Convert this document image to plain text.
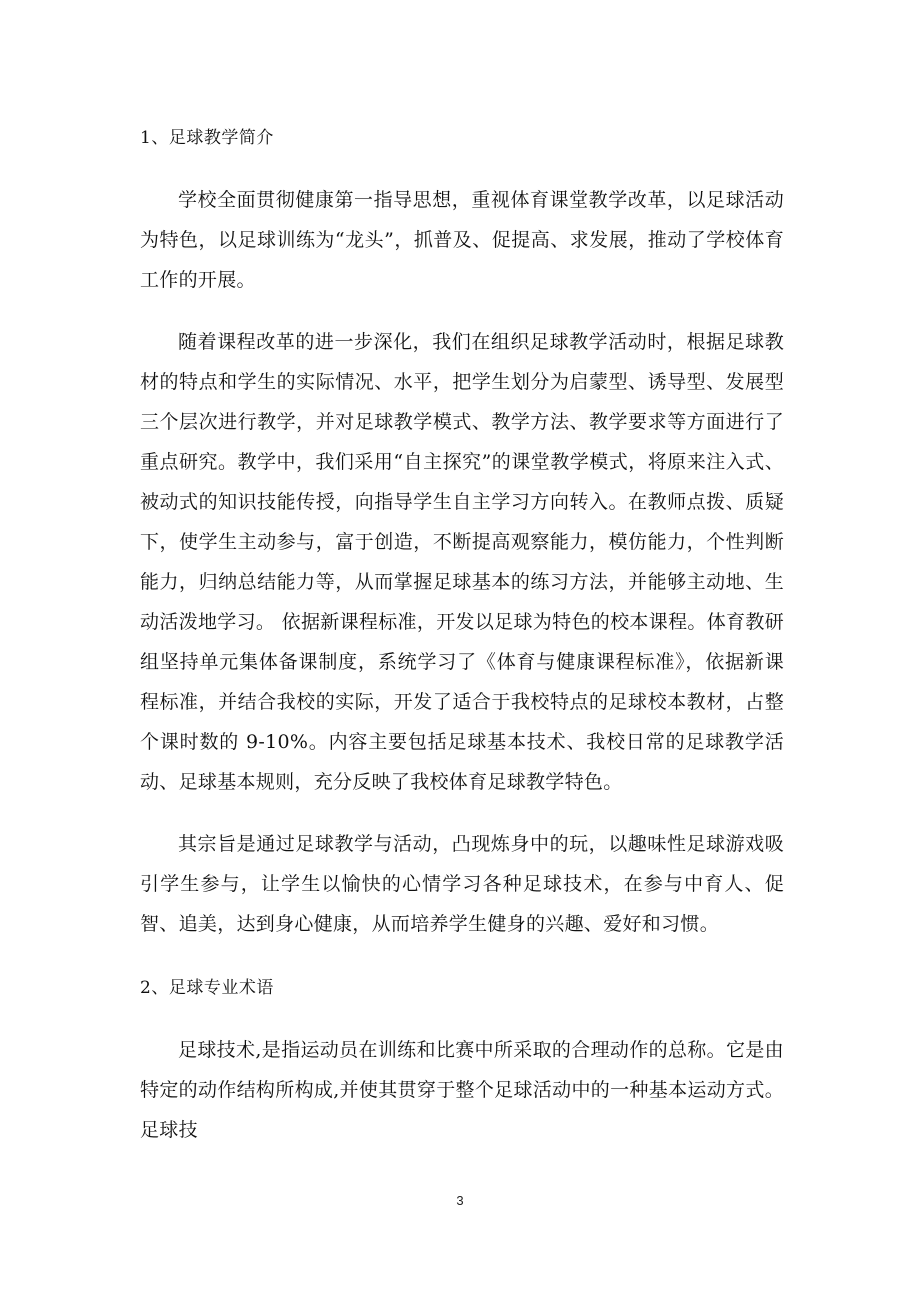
1、足球教学简介

学校全面贯彻健康第一指导思想，重视体育课堂教学改革，以足球活动为特色，以足球训练为“龙头”，抓普及、促提高、求发展，推动了学校体育工作的开展。

随着课程改革的进一步深化，我们在组织足球教学活动时，根据足球教材的特点和学生的实际情况、水平，把学生划分为启蒙型、诱导型、发展型三个层次进行教学，并对足球教学模式、教学方法、教学要求等方面进行了重点研究。教学中，我们采用“自主探究”的课堂教学模式，将原来注入式、被动式的知识技能传授，向指导学生自主学习方向转入。在教师点拨、质疑下，使学生主动参与，富于创造，不断提高观察能力，模仿能力，个性判断能力，归纳总结能力等，从而掌握足球基本的练习方法，并能够主动地、生动活泼地学习。 依据新课程标准，开发以足球为特色的校本课程。体育教研组坚持单元集体备课制度，系统学习了《体育与健康课程标准》，依据新课程标准，并结合我校的实际，开发了适合于我校特点的足球校本教材，占整个课时数的 9-10%。内容主要包括足球基本技术、我校日常的足球教学活动、足球基本规则，充分反映了我校体育足球教学特色。

其宗旨是通过足球教学与活动，凸现炼身中的玩，以趣味性足球游戏吸引学生参与，让学生以愉快的心情学习各种足球技术，在参与中育人、促智、追美，达到身心健康，从而培养学生健身的兴趣、爱好和习惯。

2、足球专业术语

足球技术,是指运动员在训练和比赛中所采取的合理动作的总称。它是由特定的动作结构所构成,并使其贯穿于整个足球活动中的一种基本运动方式。足球技

3
